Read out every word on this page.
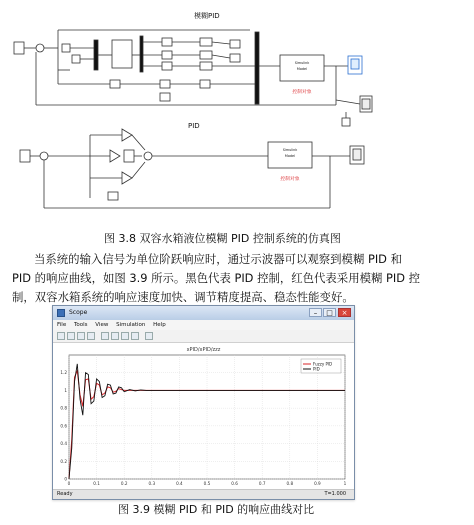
模糊PID
PID
Simulink
Model
控制对象
Simulink
Model
控制对象
图 3.8 双容水箱液位模糊 PID 控制系统的仿真图
当系统的输入信号为单位阶跃响应时，通过示波器可以观察到模糊 PID 和
PID 的响应曲线，如图 3.9 所示。黑色代表 PID 控制，红色代表采用模糊 PID 控
制，双容水箱系统的响应速度加快、调节精度提高、稳态性能变好。
Scope	–	□	×
File Tools View Simulation Help
xPID/xPID/zzz
0	0.1	0.2	0.3	0.4	0.5	0.6	0.7	0.8	0.9	1
0
0.2
0.4
0.6
0.8
1
1.2
Fuzzy PID
PID
Ready	T=1.000
图 3.9 模糊 PID 和 PID 的响应曲线对比
